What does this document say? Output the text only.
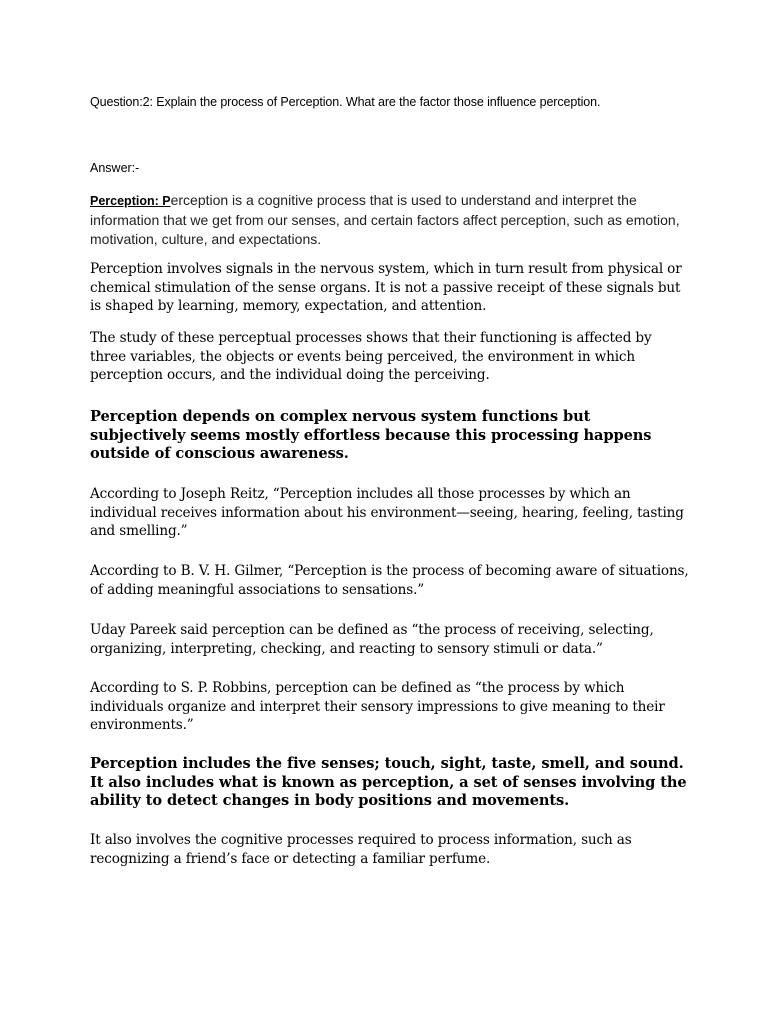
Question:2: Explain the process of Perception. What are the factor those influence perception.

Answer:-

Perception: Perception is a cognitive process that is used to understand and interpret the information that we get from our senses, and certain factors affect perception, such as emotion, motivation, culture, and expectations.

Perception involves signals in the nervous system, which in turn result from physical or chemical stimulation of the sense organs. It is not a passive receipt of these signals but is shaped by learning, memory, expectation, and attention.

The study of these perceptual processes shows that their functioning is affected by three variables, the objects or events being perceived, the environment in which perception occurs, and the individual doing the perceiving.

Perception depends on complex nervous system functions but subjectively seems mostly effortless because this processing happens outside of conscious awareness.

According to Joseph Reitz, “Perception includes all those processes by which an individual receives information about his environment—seeing, hearing, feeling, tasting and smelling.”

According to B. V. H. Gilmer, “Perception is the process of becoming aware of situations, of adding meaningful associations to sensations.”

Uday Pareek said perception can be defined as “the process of receiving, selecting, organizing, interpreting, checking, and reacting to sensory stimuli or data.”

According to S. P. Robbins, perception can be defined as “the process by which individuals organize and interpret their sensory impressions to give meaning to their environments.”

Perception includes the five senses; touch, sight, taste, smell, and sound. It also includes what is known as perception, a set of senses involving the ability to detect changes in body positions and movements.

It also involves the cognitive processes required to process information, such as recognizing a friend’s face or detecting a familiar perfume.
